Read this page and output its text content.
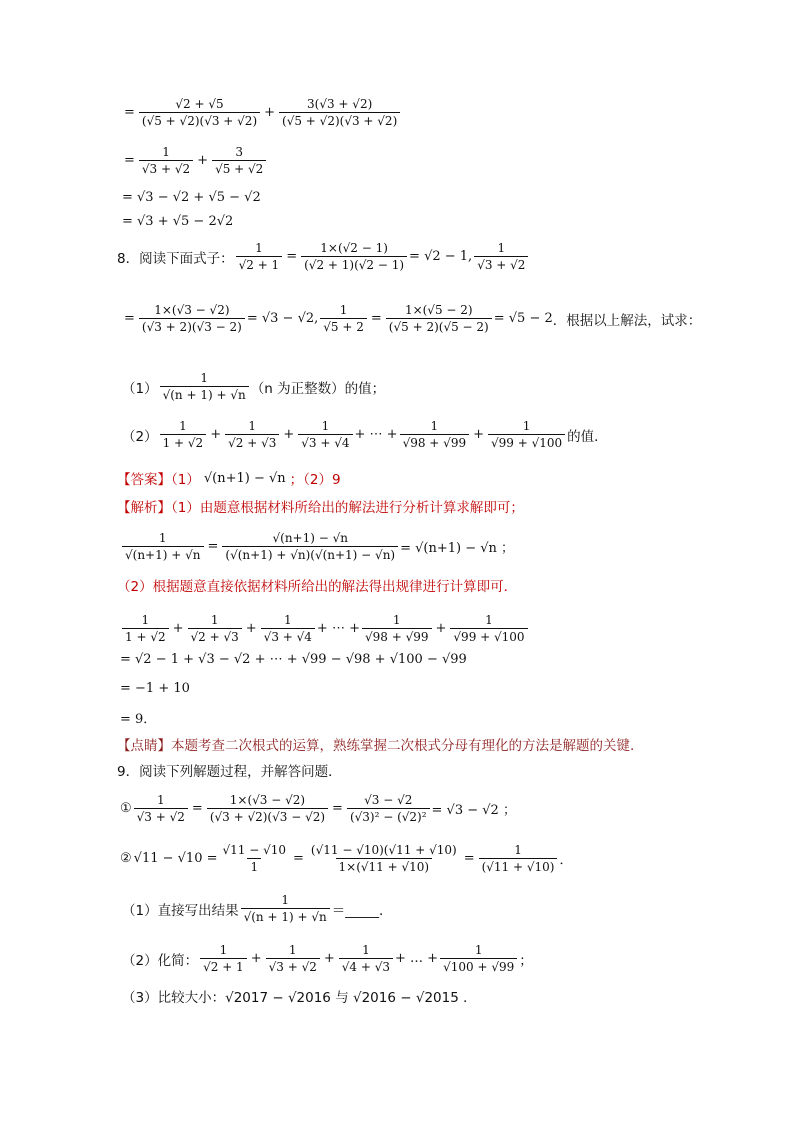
= $\frac{√2 + √5}{(√5 + √2)(√3 + √2)} + \frac{3(√3 + √2)}{(√5 + √2)(√3 + √2)}$
= $\frac{1}{√3 + √2} + \frac{3}{√5 + √2}$
= √3 − √2 + √5 − √2
= √3 + √5 − 2√2
8．阅读下面式子： $\frac{1}{√2 + 1} = \frac{1\times(√2 - 1)}{(√2 + 1)(√2 - 1)} = √2 - 1$, $\frac{1}{√3 + √2}$
= $\frac{1\times(√3 - √2)}{(√3 + 2)(√3 - 2)} = √3 - √2$, $\frac{1}{√5 + 2} = \frac{1\times(√5 - 2)}{(√5 + 2)(√5 - 2)} = √5 - 2$ ．根据以上解法，试求：
$(1) \frac{1}{√(n + 1) + √n} (n$ 为正整数）的值；
$(2) \frac{1}{1 + √2} + \frac{1}{√2 + √3} + \frac{1}{√3 + √4}$ + ⋯ + $\frac{1}{√98 + √99} + \frac{1}{√99 + √100}$ 的值．
【答案】（1） √(n+1) − √n ；（2）9
【解析】（1）由题意根据材料所给出的解法进行分析计算求解即可；
$\frac{1}{√(n+1) + √n} = \frac{√(n+1) - √n}{(√(n+1) + √n)(√(n+1) - √n)} = √(n+1) - √n$ ；
（2）根据题意直接依据材料所给出的解法得出规律进行计算即可．
$\frac{1}{1 + √2} + \frac{1}{√2 + √3} + \frac{1}{√3 + √4}$ + ⋯ + $\frac{1}{√98 + √99} + \frac{1}{√99 + √100}$
= √2 − 1 + √3 − √2 + ⋯ + √99 − √98 + √100 − √99
= −1 + 10
= 9．
【点睛】本题考查二次根式的运算，熟练掌握二次根式分母有理化的方法是解题的关键.
9．阅读下列解题过程，并解答问题．
① $\frac{1}{√3 + √2} = \frac{1\times(√3 - √2)}{(√3 + √2)(√3 - √2)} = \frac{√3 - √2}{\text{(√3)² − (√2)²}} = √3 - √2$ ；
② $√11 - √10 = \frac{√11 - √10}{1} = \frac{(√11 - √10)(√11 + √10)}{1\times(√11 + √10)} = \frac{1}{(√11 + √10)}$ ．
（1）直接写出结果 $\frac{1}{√(n + 1) + √n}$ ＝_____．
（2）化简： $\frac{1}{√2 + 1} + \frac{1}{√3 + √2} + \frac{1}{√4 + √3}$ + … + $\frac{1}{√100 + √99}$ ；
（3）比较大小：√2017 − √2016 与 √2016 − √2015 ．
